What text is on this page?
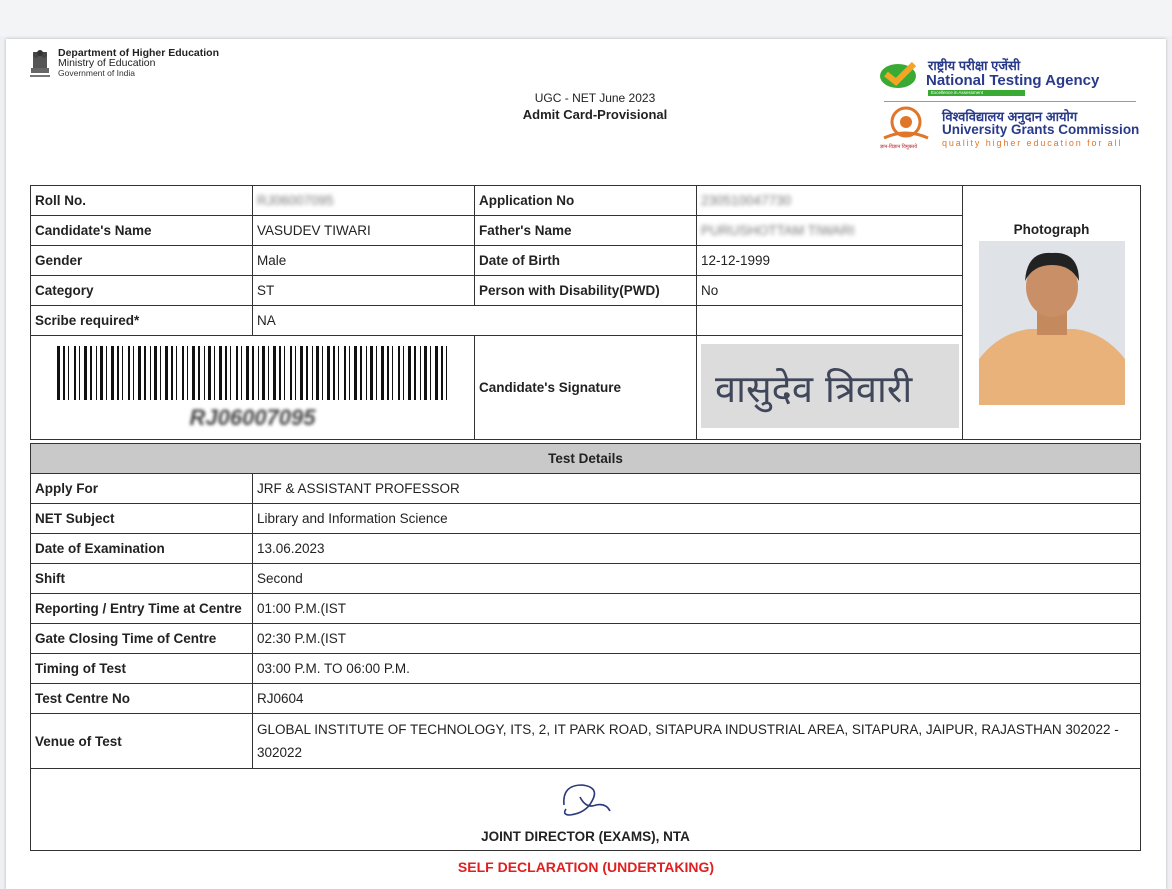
Department of Higher Education
Ministry of Education
Government of India
UGC - NET June 2023
Admit Card-Provisional
राष्ट्रीय परीक्षा एजेंसी
National Testing Agency
Excellence in Assessment
ज्ञान-विज्ञान विमुक्तये
विश्वविद्यालय अनुदान आयोग
University Grants Commission
quality higher education for all
Roll No.	RJ06007095	Application No	230510047730	Photograph

Candidate's Name	VASUDEV TIWARI	Father's Name	PURUSHOTTAM TIWARI	
Gender	Male	Date of Birth	12-12-1999	
Category	ST	Person with Disability(PWD)	No	
Scribe required*	NA			

RJ06007095		Candidate's Signature	वासुदेव त्रिवारी	
Test Details	
Apply For	JRF & ASSISTANT PROFESSOR
NET Subject	Library and Information Science
Date of Examination	13.06.2023
Shift	Second
Reporting / Entry Time at Centre	01:00 P.M.(IST
Gate Closing Time of Centre	02:30 P.M.(IST
Timing of Test	03:00 P.M. TO 06:00 P.M.
Test Centre No	RJ0604
Venue of Test	GLOBAL INSTITUTE OF TECHNOLOGY, ITS, 2, IT PARK ROAD, SITAPURA INDUSTRIAL AREA, SITAPURA, JAIPUR, RAJASTHAN 302022 - 302022

JOINT DIRECTOR (EXAMS), NTA	
SELF DECLARATION (UNDERTAKING)
